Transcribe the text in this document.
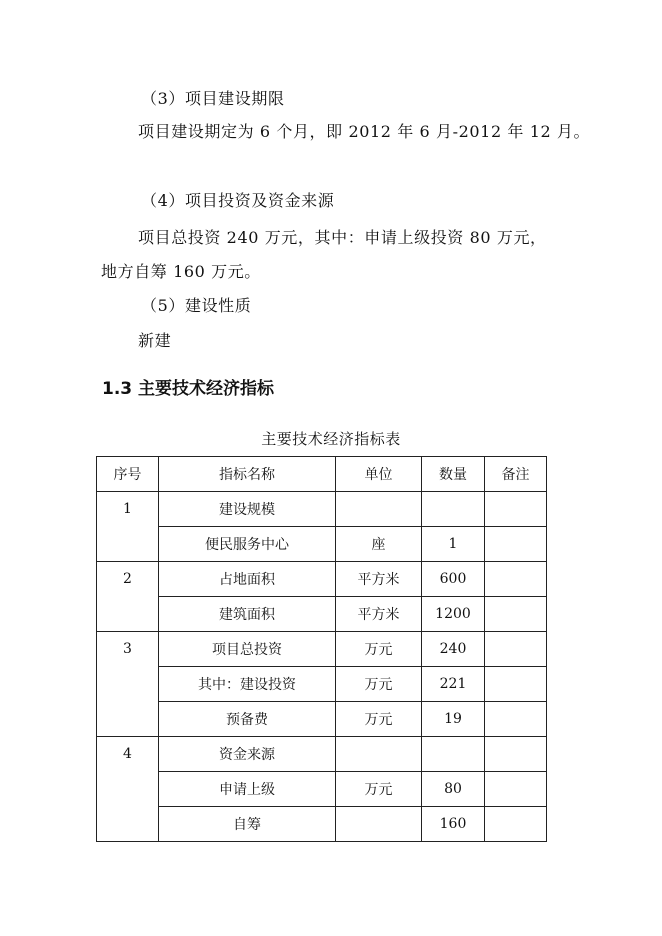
（3）项目建设期限
项目建设期定为 6 个月，即 2012 年 6 月-2012 年 12 月。
（4）项目投资及资金来源
项目总投资 240 万元，其中：申请上级投资 80 万元，
地方自筹 160 万元。
（5）建设性质
新建
1.3 主要技术经济指标
主要技术经济指标表
序号	指标名称	单位	数量	备注
1	建设规模			
	便民服务中心	座	1	
2	占地面积	平方米	600	
	建筑面积	平方米	1200	
3	项目总投资	万元	240	
	其中：建设投资	万元	221	
	预备费	万元	19	
4	资金来源			
	申请上级	万元	80	
	自筹		160	
